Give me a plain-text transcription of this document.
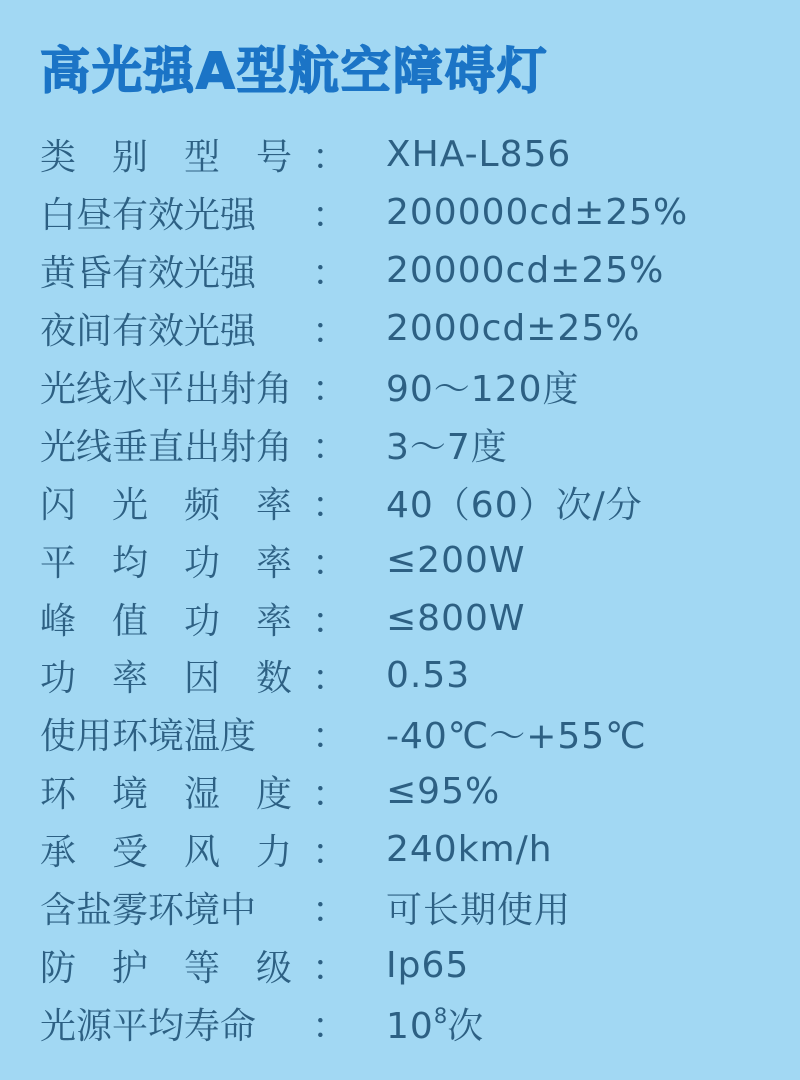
高光强A型航空障碍灯
类　别　型　号 ：	XHA-L856
白昼有效光强	：	200000cd±25%
黄昏有效光强	：	20000cd±25%
夜间有效光强	：	2000cd±25%
光线水平出射角 ：	90～120度
光线垂直出射角 ：	3～7度
闪　光　频　率 ：	40（60）次/分
平　均　功　率 ：	≤200W
峰　值　功　率 ：	≤800W
功　率　因　数 ：	0.53
使用环境温度	：	-40℃～+55℃
环　境　湿　度 ：	≤95%
承　受　风　力 ：	240km/h
含盐雾环境中	：	可长期使用
防　护　等　级 ：	Ip65
光源平均寿命	：	$10^8$次
